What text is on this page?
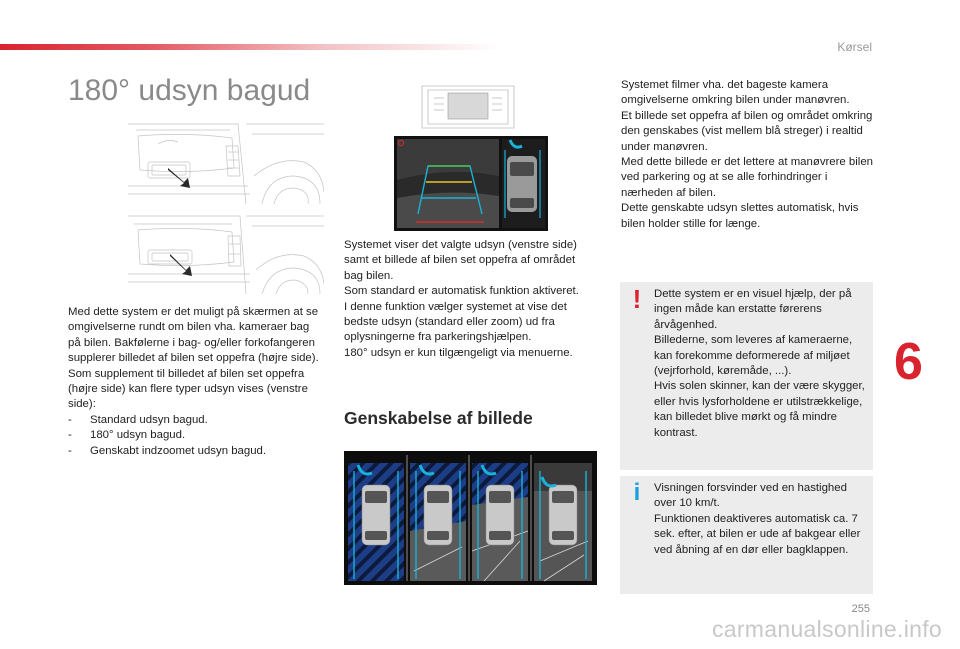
Kørsel
180° udsyn bagud

Med dette system er det muligt på skærmen at se omgivelserne rundt om bilen vha. kameraer bag på bilen. Bakfølerne i bag- og/eller forkofangeren supplerer billedet af bilen set oppefra (højre side).

Som supplement til billedet af bilen set oppefra (højre side) kan flere typer udsyn vises (venstre side):

- Standard udsyn bagud.
- 180° udsyn bagud.
- Genskabt indzoomet udsyn bagud.

Systemet viser det valgte udsyn (venstre side) samt et billede af bilen set oppefra af området bag bilen.

Som standard er automatisk funktion aktiveret.

I denne funktion vælger systemet at vise det bedste udsyn (standard eller zoom) ud fra oplysningerne fra parkeringshjælpen.

180° udsyn er kun tilgængeligt via menuerne.

Genskabelse af billede

Systemet filmer vha. det bageste kamera omgivelserne omkring bilen under manøvren.

Et billede set oppefra af bilen og området omkring den genskabes (vist mellem blå streger) i realtid under manøvren.

Med dette billede er det lettere at manøvrere bilen ved parkering og at se alle forhindringer i nærheden af bilen.

Dette genskabte udsyn slettes automatisk, hvis bilen holder stille for længe.

! Dette system er en visuel hjælp, der på ingen måde kan erstatte førerens årvågenhed.

Billederne, som leveres af kameraerne, kan forekomme deformerede af miljøet (vejrforhold, køremåde, ...).

Hvis solen skinner, kan der være skygger, eller hvis lysforholdene er utilstrækkelige, kan billedet blive mørkt og få mindre kontrast.

i Visningen forsvinder ved en hastighed over 10 km/t.

Funktionen deaktiveres automatisk ca. 7 sek. efter, at bilen er ude af bakgear eller ved åbning af en dør eller bagklappen.

6
255
carmanualsonline.info
